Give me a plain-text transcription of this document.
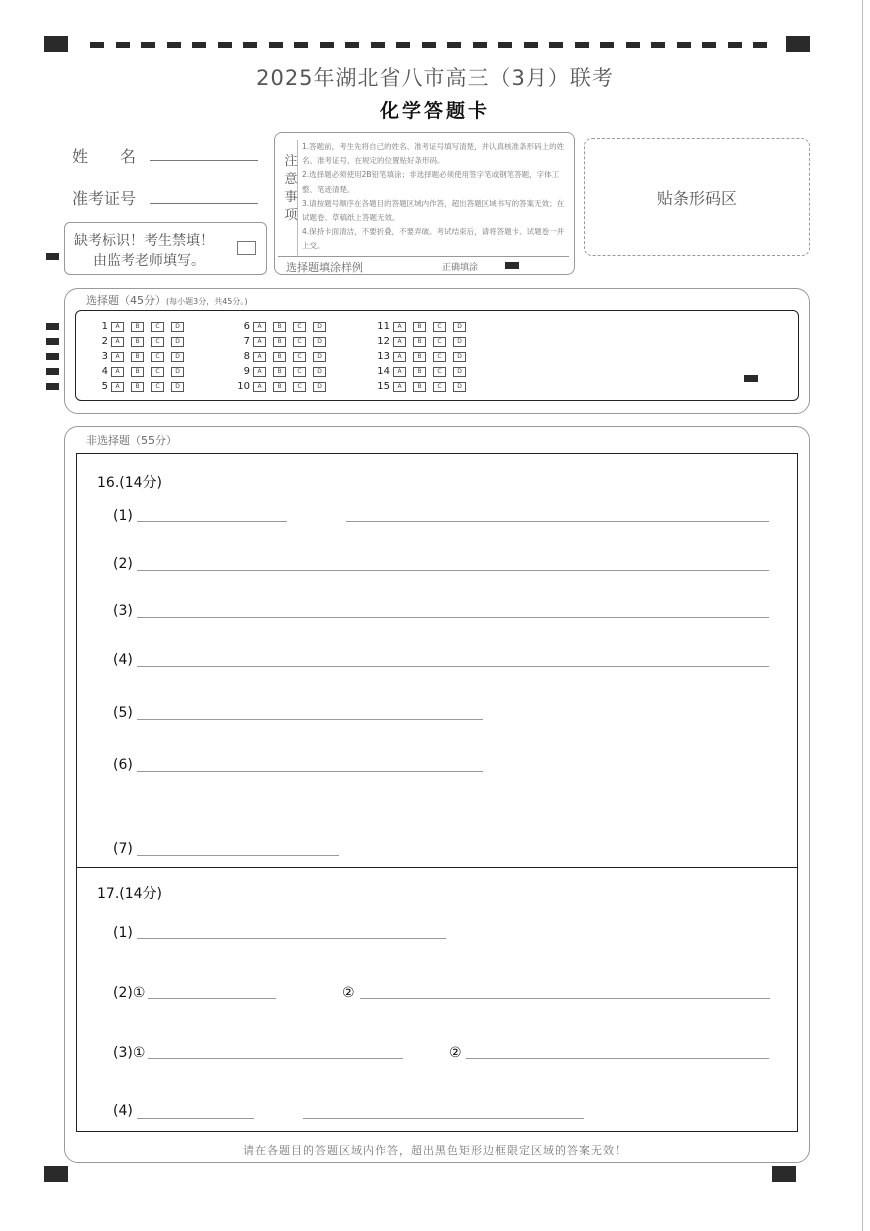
2025年湖北省八市高三（3月）联考
化学答题卡
姓　　名
准考证号
缺考标识！考生禁填！
由监考老师填写。
注意事项
1.答题前，考生先将自己的姓名、准考证号填写清楚，并认真核准条形码上的姓名、准考证号，在规定的位置贴好条形码。
2.选择题必须使用2B铅笔填涂；非选择题必须使用签字笔或钢笔答题，字体工整、笔迹清楚。
3.请按题号顺序在各题目的答题区域内作答，超出答题区域书写的答案无效；在试题卷、草稿纸上答题无效。
4.保持卡面清洁，不要折叠，不要弄破。考试结束后，请将答题卡、试题卷一并上交。
选择题填涂样例	正确填涂
贴条形码区
选择题（45分）(每小题3分，共45分。)
1	A	B	C	D
2	A	B	C	D
3	A	B	C	D
4	A	B	C	D
5	A	B	C	D
6	A	B	C	D
7	A	B	C	D
8	A	B	C	D
9	A	B	C	D
10	A	B	C	D
11	A	B	C	D
12	A	B	C	D
13	A	B	C	D
14	A	B	C	D
15	A	B	C	D
非选择题（55分）
16.(14分)
(1)
(2)
(3)
(4)
(5)
(6)
(7)
17.(14分)
(1)
(2)①	②
(3)①	②
(4)
请在各题目的答题区域内作答，超出黑色矩形边框限定区域的答案无效！
